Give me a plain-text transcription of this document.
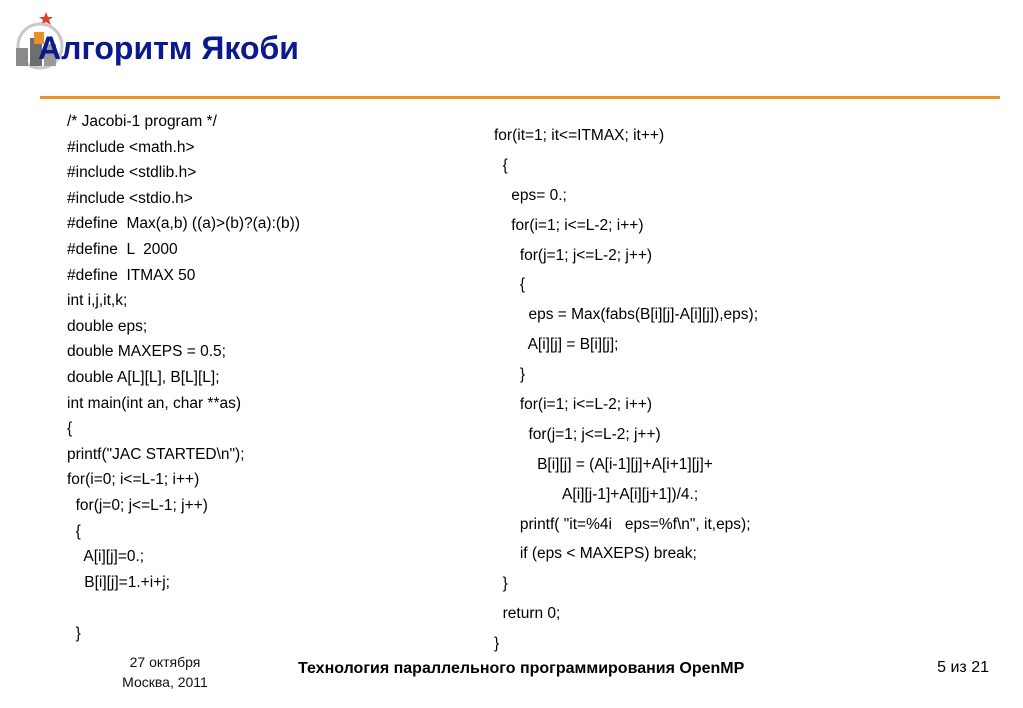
Алгоритм Якоби
/* Jacobi-1 program */
#include <math.h>
#include <stdlib.h>
#include <stdio.h>
#define  Max(a,b) ((a)>(b)?(a):(b))
#define  L  2000
#define  ITMAX 50
int i,j,it,k;
double eps;
double MAXEPS = 0.5;
double A[L][L], B[L][L];
int main(int an, char **as)
{
printf("JAC STARTED\n");
for(i=0; i<=L-1; i++)
for(j=0; j<=L-1; j++)
{
A[i][j]=0.;
B[i][j]=1.+i+j;
}
for(it=1; it<=ITMAX; it++)
{
eps= 0.;
for(i=1; i<=L-2; i++)
for(j=1; j<=L-2; j++)
{
eps = Max(fabs(B[i][j]-A[i][j]),eps);
A[i][j] = B[i][j];
}
for(i=1; i<=L-2; i++)
for(j=1; j<=L-2; j++)
B[i][j] = (A[i-1][j]+A[i+1][j]+
A[i][j-1]+A[i][j+1])/4.;
printf( "it=%4i   eps=%f\n", it,eps);
if (eps < MAXEPS) break;
}
return 0;
}
27 октября
Москва, 2011
Технология параллельного программирования OpenMP	5 из 21
